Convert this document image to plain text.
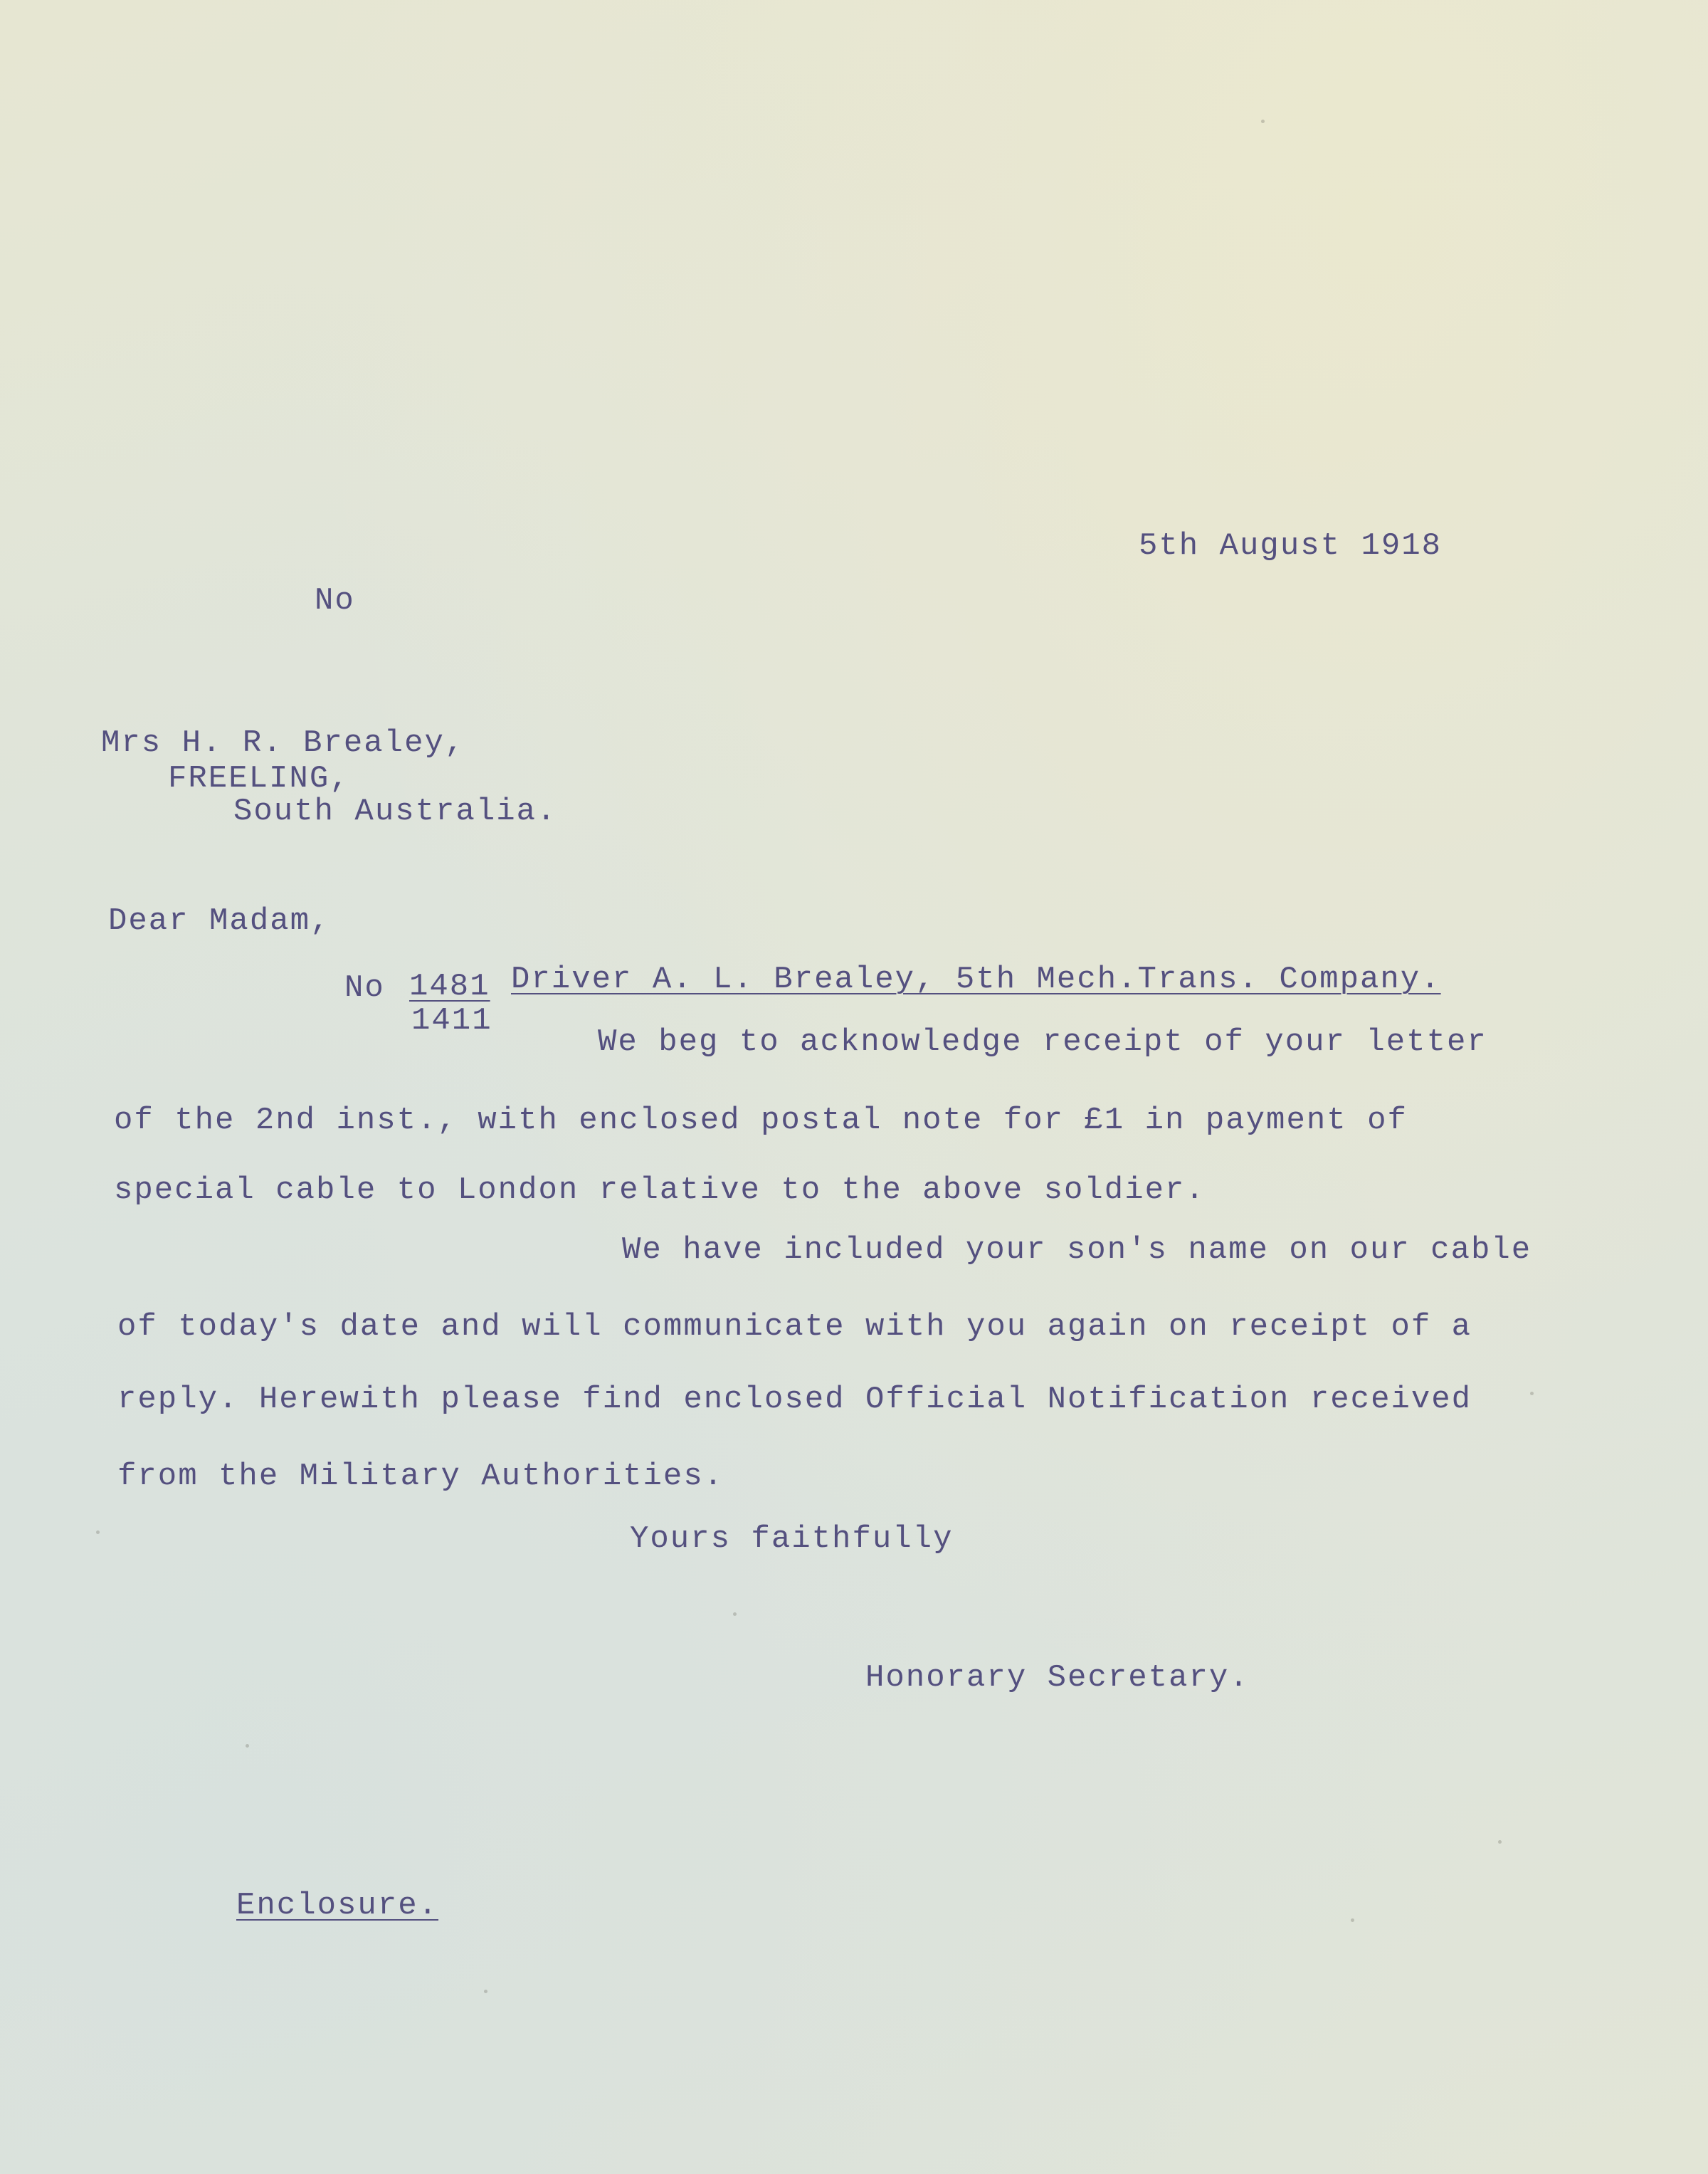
5th August 1918
No
Mrs H. R. Brealey,
FREELING,
South Australia.
Dear Madam,
No 1481
1411
Driver A. L. Brealey, 5th Mech.Trans. Company.
We beg to acknowledge receipt of your letter
of the 2nd inst., with enclosed postal note for £1 in payment of
special cable to London relative to the above soldier.
We have included your son's name on our cable
of today's date and will communicate with you again on receipt of a
reply. Herewith please find enclosed Official Notification received
from the Military Authorities.
Yours faithfully
Honorary Secretary.
Enclosure.
